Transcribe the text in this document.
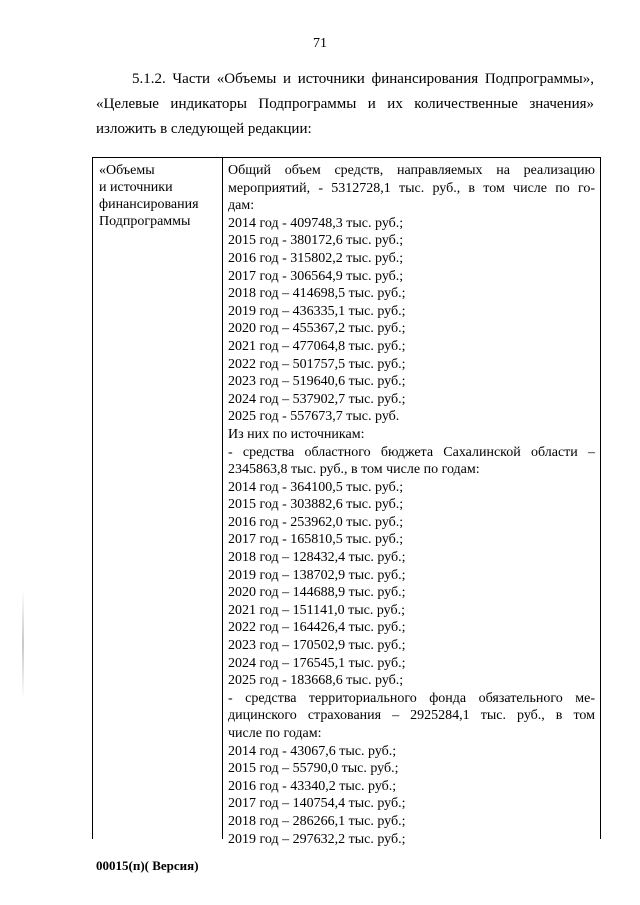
71
5.1.2. Части «Объемы и источники финансирования Подпрограммы»,
«Целевые индикаторы Подпрограммы и их количественные значения»
изложить в следующей редакции:
«Объемы
и источники
финансирования
Подпрограммы
Общий объем средств, направляемых на реализацию
мероприятий, - 5312728,1 тыс. руб., в том числе по го-
дам:
2014 год - 409748,3 тыс. руб.;
2015 год - 380172,6 тыс. руб.;
2016 год - 315802,2 тыс. руб.;
2017 год - 306564,9 тыс. руб.;
2018 год – 414698,5 тыс. руб.;
2019 год – 436335,1 тыс. руб.;
2020 год – 455367,2 тыс. руб.;
2021 год – 477064,8 тыс. руб.;
2022 год – 501757,5 тыс. руб.;
2023 год – 519640,6 тыс. руб.;
2024 год – 537902,7 тыс. руб.;
2025 год - 557673,7 тыс. руб.
Из них по источникам:
- средства областного бюджета Сахалинской области –
2345863,8 тыс. руб., в том числе по годам:
2014 год - 364100,5 тыс. руб.;
2015 год - 303882,6 тыс. руб.;
2016 год - 253962,0 тыс. руб.;
2017 год - 165810,5 тыс. руб.;
2018 год – 128432,4 тыс. руб.;
2019 год – 138702,9 тыс. руб.;
2020 год – 144688,9 тыс. руб.;
2021 год – 151141,0 тыс. руб.;
2022 год – 164426,4 тыс. руб.;
2023 год – 170502,9 тыс. руб.;
2024 год – 176545,1 тыс. руб.;
2025 год - 183668,6 тыс. руб.;
- средства территориального фонда обязательного ме-
дицинского страхования – 2925284,1 тыс. руб., в том
числе по годам:
2014 год - 43067,6 тыс. руб.;
2015 год – 55790,0 тыс. руб.;
2016 год - 43340,2 тыс. руб.;
2017 год – 140754,4 тыс. руб.;
2018 год – 286266,1 тыс. руб.;
2019 год – 297632,2 тыс. руб.;
00015(п)( Версия)
